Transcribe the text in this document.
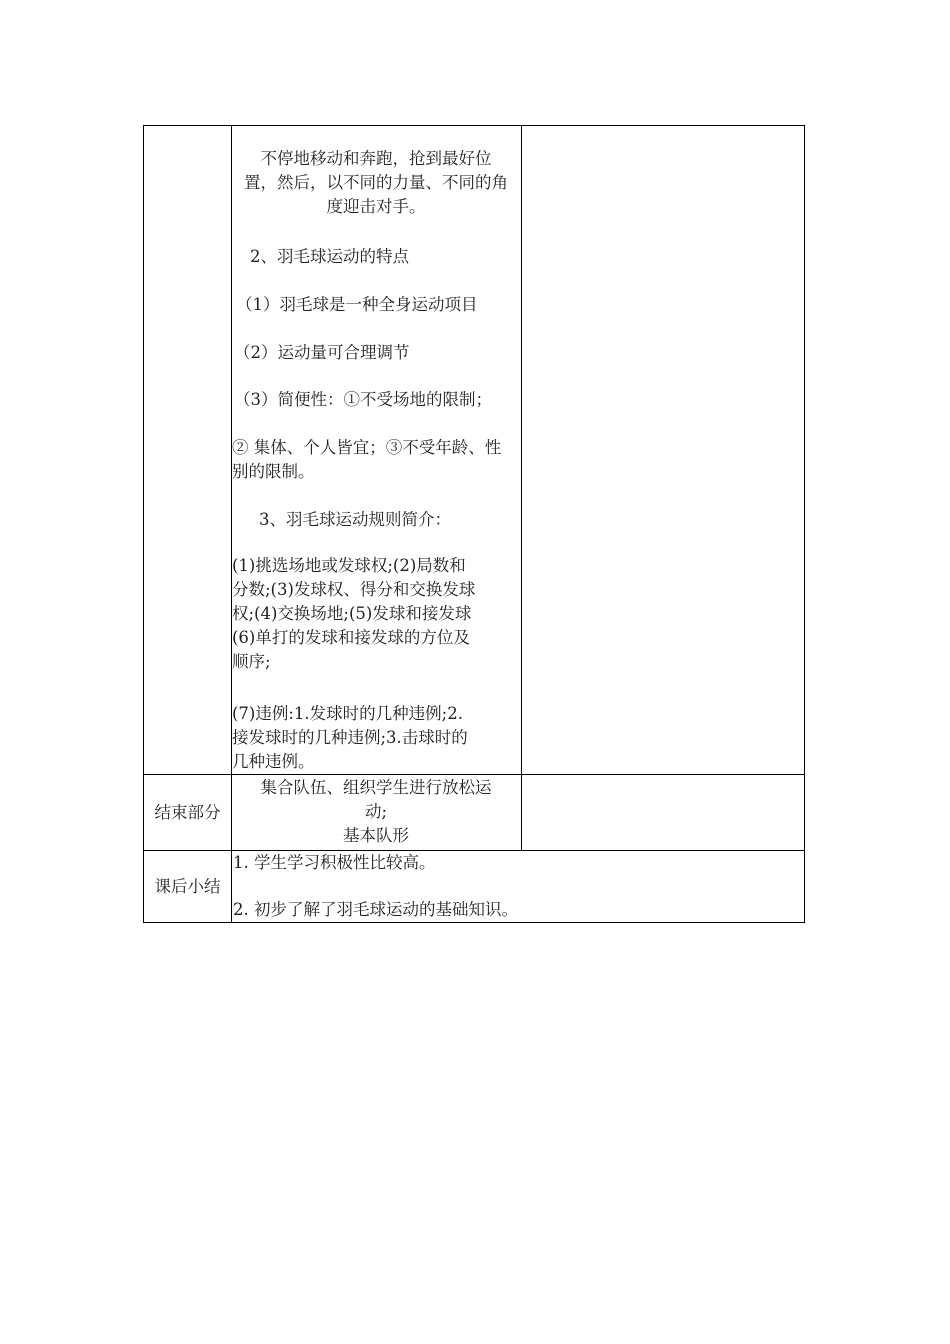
不停地移动和奔跑，抢到最好位
置，然后，以不同的力量、不同的角
度迎击对手。
2、羽毛球运动的特点
（1）羽毛球是一种全身运动项目
（2）运动量可合理调节
（3）简便性：①不受场地的限制；
② 集体、个人皆宜；③不受年龄、性
别的限制。
3、羽毛球运动规则简介：
(1)挑选场地或发球权;(2)局数和
分数;(3)发球权、得分和交换发球
权;(4)交换场地;(5)发球和接发球
(6)单打的发球和接发球的方位及
顺序;
(7)违例:1.发球时的几种违例;2.
接发球时的几种违例;3.击球时的
几种违例。
结束部分
集合队伍、组织学生进行放松运
动;
基本队形
课后小结
1. 学生学习积极性比较高。
2. 初步了解了羽毛球运动的基础知识。
